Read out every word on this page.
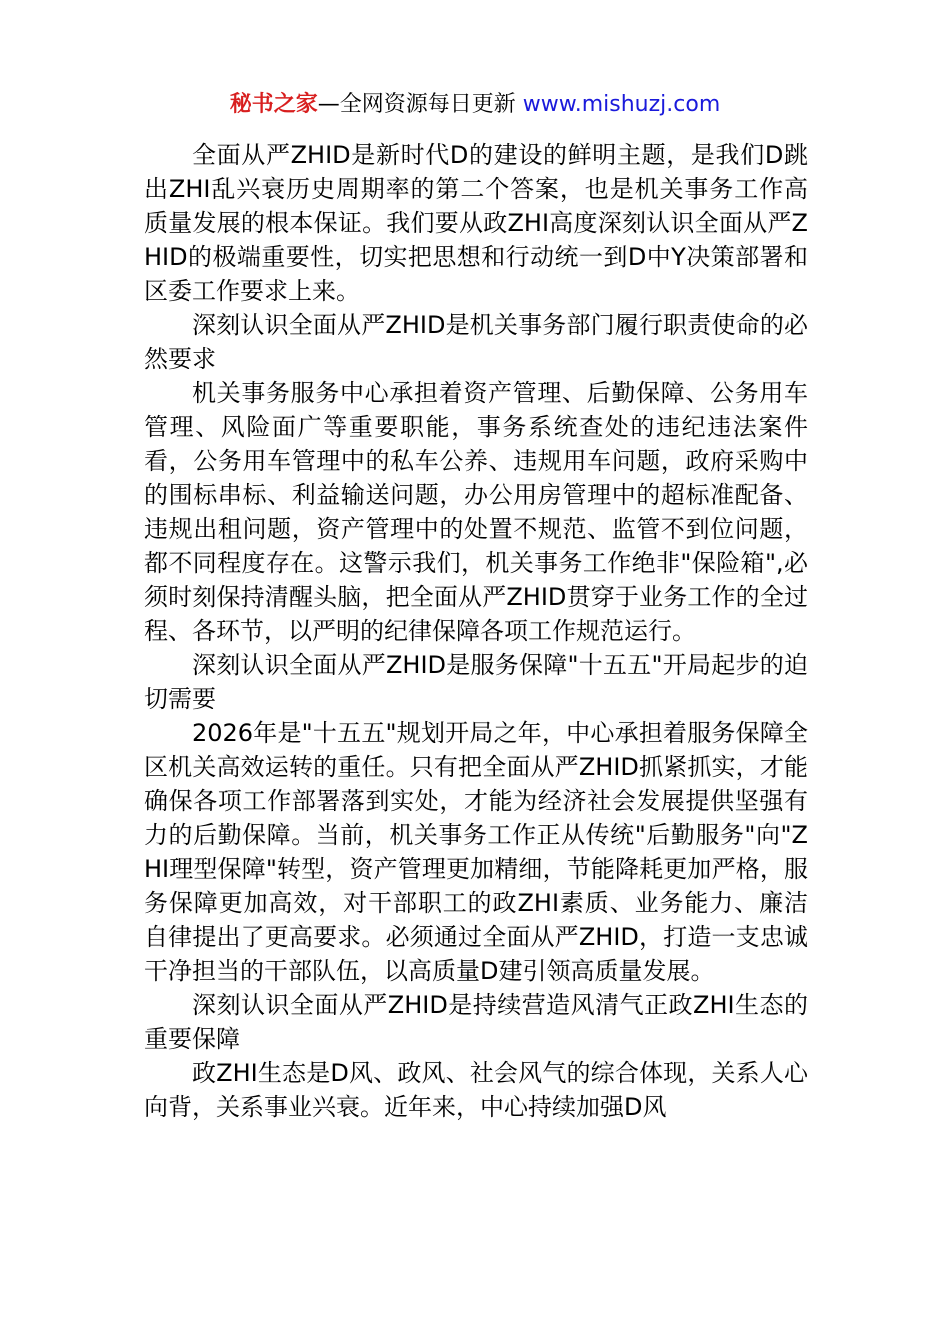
秘书之家—全网资源每日更新 www.mishuzj.com

全面从严ZHID是新时代D的建设的鲜明主题，是我们D跳出ZHI乱兴衰历史周期率的第二个答案，也是机关事务工作高质量发展的根本保证。我们要从政ZHI高度深刻认识全面从严ZHID的极端重要性，切实把思想和行动统一到D中Y决策部署和区委工作要求上来。

深刻认识全面从严ZHID是机关事务部门履行职责使命的必然要求

机关事务服务中心承担着资产管理、后勤保障、公务用车管理、风险面广等重要职能，事务系统查处的违纪违法案件看，公务用车管理中的私车公养、违规用车问题，政府采购中的围标串标、利益输送问题，办公用房管理中的超标准配备、违规出租问题，资产管理中的处置不规范、监管不到位问题，都不同程度存在。这警示我们，机关事务工作绝非"保险箱",必须时刻保持清醒头脑，把全面从严ZHID贯穿于业务工作的全过程、各环节，以严明的纪律保障各项工作规范运行。

深刻认识全面从严ZHID是服务保障"十五五"开局起步的迫切需要

2026年是"十五五"规划开局之年，中心承担着服务保障全区机关高效运转的重任。只有把全面从严ZHID抓紧抓实，才能确保各项工作部署落到实处，才能为经济社会发展提供坚强有力的后勤保障。当前，机关事务工作正从传统"后勤服务"向"ZHI理型保障"转型，资产管理更加精细，节能降耗更加严格，服务保障更加高效，对干部职工的政ZHI素质、业务能力、廉洁自律提出了更高要求。必须通过全面从严ZHID，打造一支忠诚干净担当的干部队伍，以高质量D建引领高质量发展。

深刻认识全面从严ZHID是持续营造风清气正政ZHI生态的重要保障

政ZHI生态是D风、政风、社会风气的综合体现，关系人心向背，关系事业兴衰。近年来，中心持续加强D风
